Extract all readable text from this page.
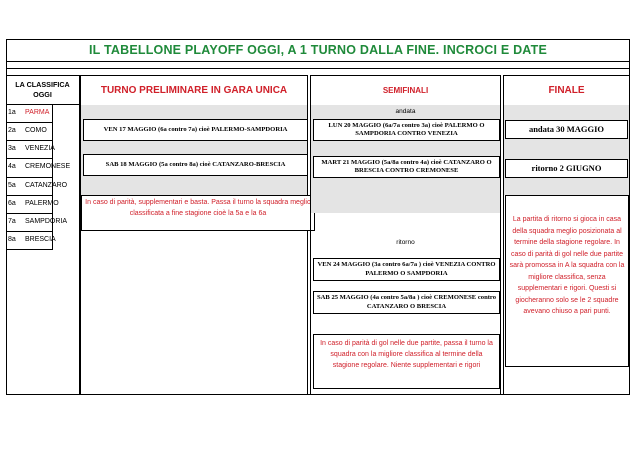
IL TABELLONE PLAYOFF OGGI, A 1 TURNO DALLA FINE. INCROCI E DATE
LA CLASSIFICA
OGGI
1a PARMA
2a COMO
3a VENEZIA
4a CREMONESE
5a CATANZARO
6a PALERMO
7a SAMPDORIA
8a BRESCIA
TURNO PRELIMINARE IN GARA UNICA
VEN 17 MAGGIO (6a contro 7a) cioè PALERMO-SAMPDORIA
SAB 18 MAGGIO (5a contro 8a) cioè CATANZARO-BRESCIA
In caso di parità, supplementari e basta. Passa il turno la squadra meglio classificata a fine stagione cioè la 5a e la 6a
SEMIFINALI
andata
LUN 20 MAGGIO (6a/7a contro 3a) cioè PALERMO O SAMPDORIA CONTRO VENEZIA
MART 21 MAGGIO (5a/8a contro 4a) cioè CATANZARO O BRESCIA CONTRO CREMONESE
ritorno
VEN 24 MAGGIO (3a contro 6a/7a ) cioè VENEZIA CONTRO PALERMO O SAMPDORIA
SAB 25 MAGGIO (4a contro 5a/8a ) cioè CREMONESE contro CATANZARO O BRESCIA
In caso di parità di gol nelle due partite, passa il turno la squadra con la migliore classifica al termine della stagione regolare. Niente supplementari e rigori
FINALE
andata 30 MAGGIO
ritorno 2 GIUGNO
La partita di ritorno si gioca in casa della squadra meglio posizionata al termine della stagione regolare. In caso di parità di gol nelle due partite sarà promossa in A la squadra con la migliore classifica, senza supplementari e rigori. Questi si giocheranno solo se le 2 squadre avevano chiuso a pari punti.
